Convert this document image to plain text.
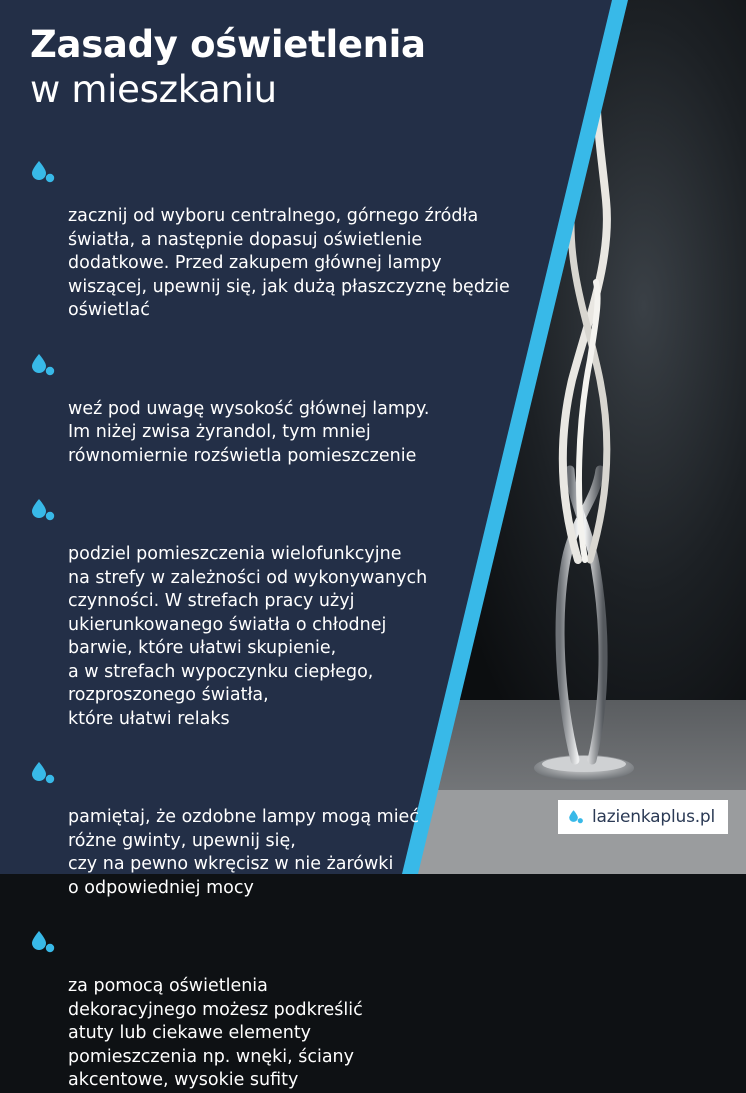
Zasady oświetlenia
w mieszkaniu

zacznij od wyboru centralnego, górnego źródła
światła, a następnie dopasuj oświetlenie
dodatkowe. Przed zakupem głównej lampy
wiszącej, upewnij się, jak dużą płaszczyznę będzie
oświetlać

weź pod uwagę wysokość głównej lampy.
Im niżej zwisa żyrandol, tym mniej
równomiernie rozświetla pomieszczenie

podziel pomieszczenia wielofunkcyjne
na strefy w zależności od wykonywanych
czynności. W strefach pracy użyj
ukierunkowanego światła o chłodnej
barwie, które ułatwi skupienie,
a w strefach wypoczynku ciepłego,
rozproszonego światła,
które ułatwi relaks

pamiętaj, że ozdobne lampy mogą mieć
różne gwinty, upewnij się,
czy na pewno wkręcisz w nie żarówki
o odpowiedniej mocy

za pomocą oświetlenia
dekoracyjnego możesz podkreślić
atuty lub ciekawe elementy
pomieszczenia np. wnęki, ściany
akcentowe, wysokie sufity

lazienkaplus.pl
